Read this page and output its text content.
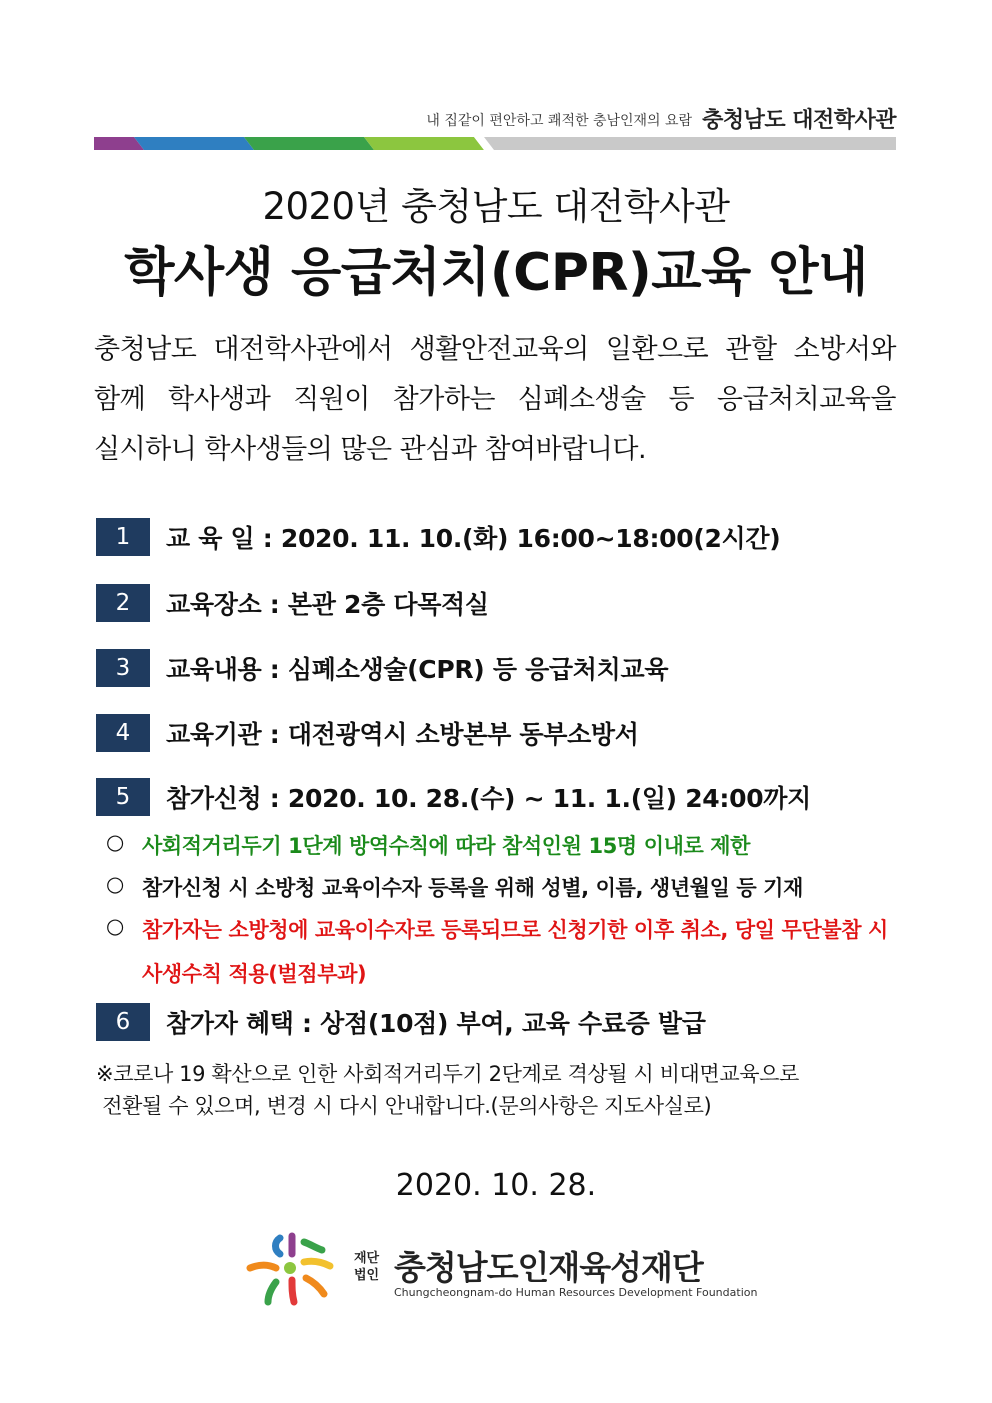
내 집같이 편안하고 쾌적한 충남인재의 요람 충청남도 대전학사관
2020년 충청남도 대전학사관
학사생 응급처치(CPR)교육 안내
충청남도 대전학사관에서 생활안전교육의 일환으로 관할 소방서와
함께 학사생과 직원이 참가하는 심폐소생술 등 응급처치교육을
실시하니 학사생들의 많은 관심과 참여바랍니다.
1	교 육 일 : 2020. 11. 10.(화) 16:00~18:00(2시간)
2	교육장소 : 본관 2층 다목적실
3	교육내용 : 심폐소생술(CPR) 등 응급처치교육
4	교육기관 : 대전광역시 소방본부 동부소방서
5	참가신청 : 2020. 10. 28.(수) ~ 11. 1.(일) 24:00까지
○ 사회적거리두기 1단계 방역수칙에 따라 참석인원 15명 이내로 제한
○ 참가신청 시 소방청 교육이수자 등록을 위해 성별, 이름, 생년월일 등 기재
○ 참가자는 소방청에 교육이수자로 등록되므로 신청기한 이후 취소, 당일 무단불참 시
사생수칙 적용(벌점부과)
6	참가자 혜택 : 상점(10점) 부여, 교육 수료증 발급
※코로나 19 확산으로 인한 사회적거리두기 2단계로 격상될 시 비대면교육으로
전환될 수 있으며, 변경 시 다시 안내합니다.(문의사항은 지도사실로)
2020. 10. 28.
재단
법인 충청남도인재육성재단
Chungcheongnam-do Human Resources Development Foundation
